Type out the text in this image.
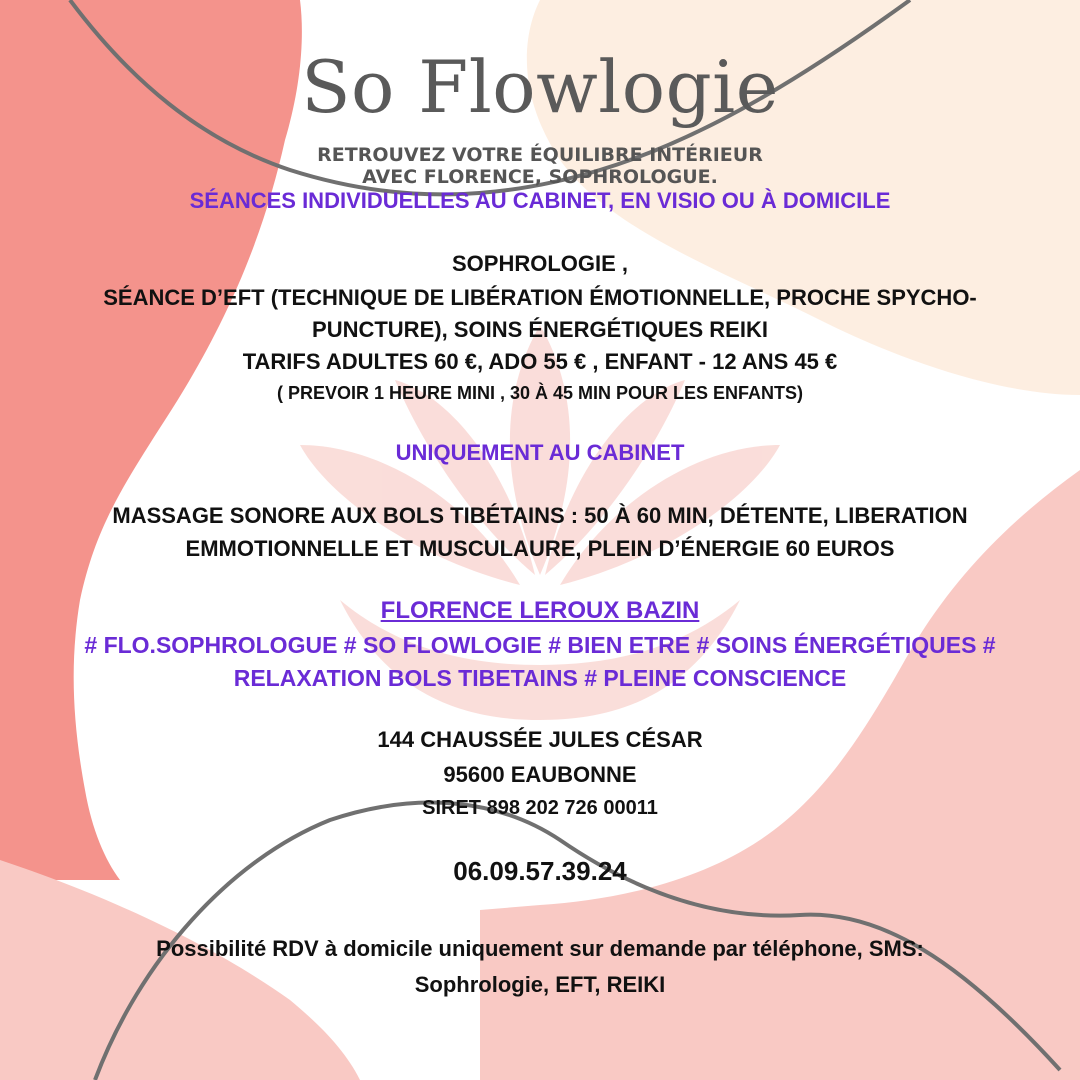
So Flowlogie

RETROUVEZ VOTRE ÉQUILIBRE INTÉRIEUR

AVEC FLORENCE, SOPHROLOGUE.

SÉANCES INDIVIDUELLES AU CABINET, EN VISIO OU À DOMICILE

SOPHROLOGIE ,

SÉANCE D’EFT (TECHNIQUE DE LIBÉRATION ÉMOTIONNELLE, PROCHE SPYCHO-

PUNCTURE), SOINS ÉNERGÉTIQUES REIKI

TARIFS ADULTES 60 €, ADO 55 € , ENFANT - 12 ANS 45 €

( PREVOIR 1 HEURE MINI , 30 À 45 MIN POUR LES ENFANTS)

UNIQUEMENT AU CABINET

MASSAGE SONORE AUX BOLS TIBÉTAINS : 50 À 60 MIN, DÉTENTE, LIBERATION

EMMOTIONNELLE ET MUSCULAURE, PLEIN D’ÉNERGIE 60 EUROS

FLORENCE LEROUX BAZIN

# FLO.SOPHROLOGUE # SO FLOWLOGIE # BIEN ETRE # SOINS ÉNERGÉTIQUES #

RELAXATION BOLS TIBETAINS # PLEINE CONSCIENCE

144 CHAUSSÉE JULES CÉSAR

95600 EAUBONNE

SIRET 898 202 726 00011

06.09.57.39.24

Possibilité RDV à domicile uniquement sur demande par téléphone, SMS:

Sophrologie, EFT, REIKI
